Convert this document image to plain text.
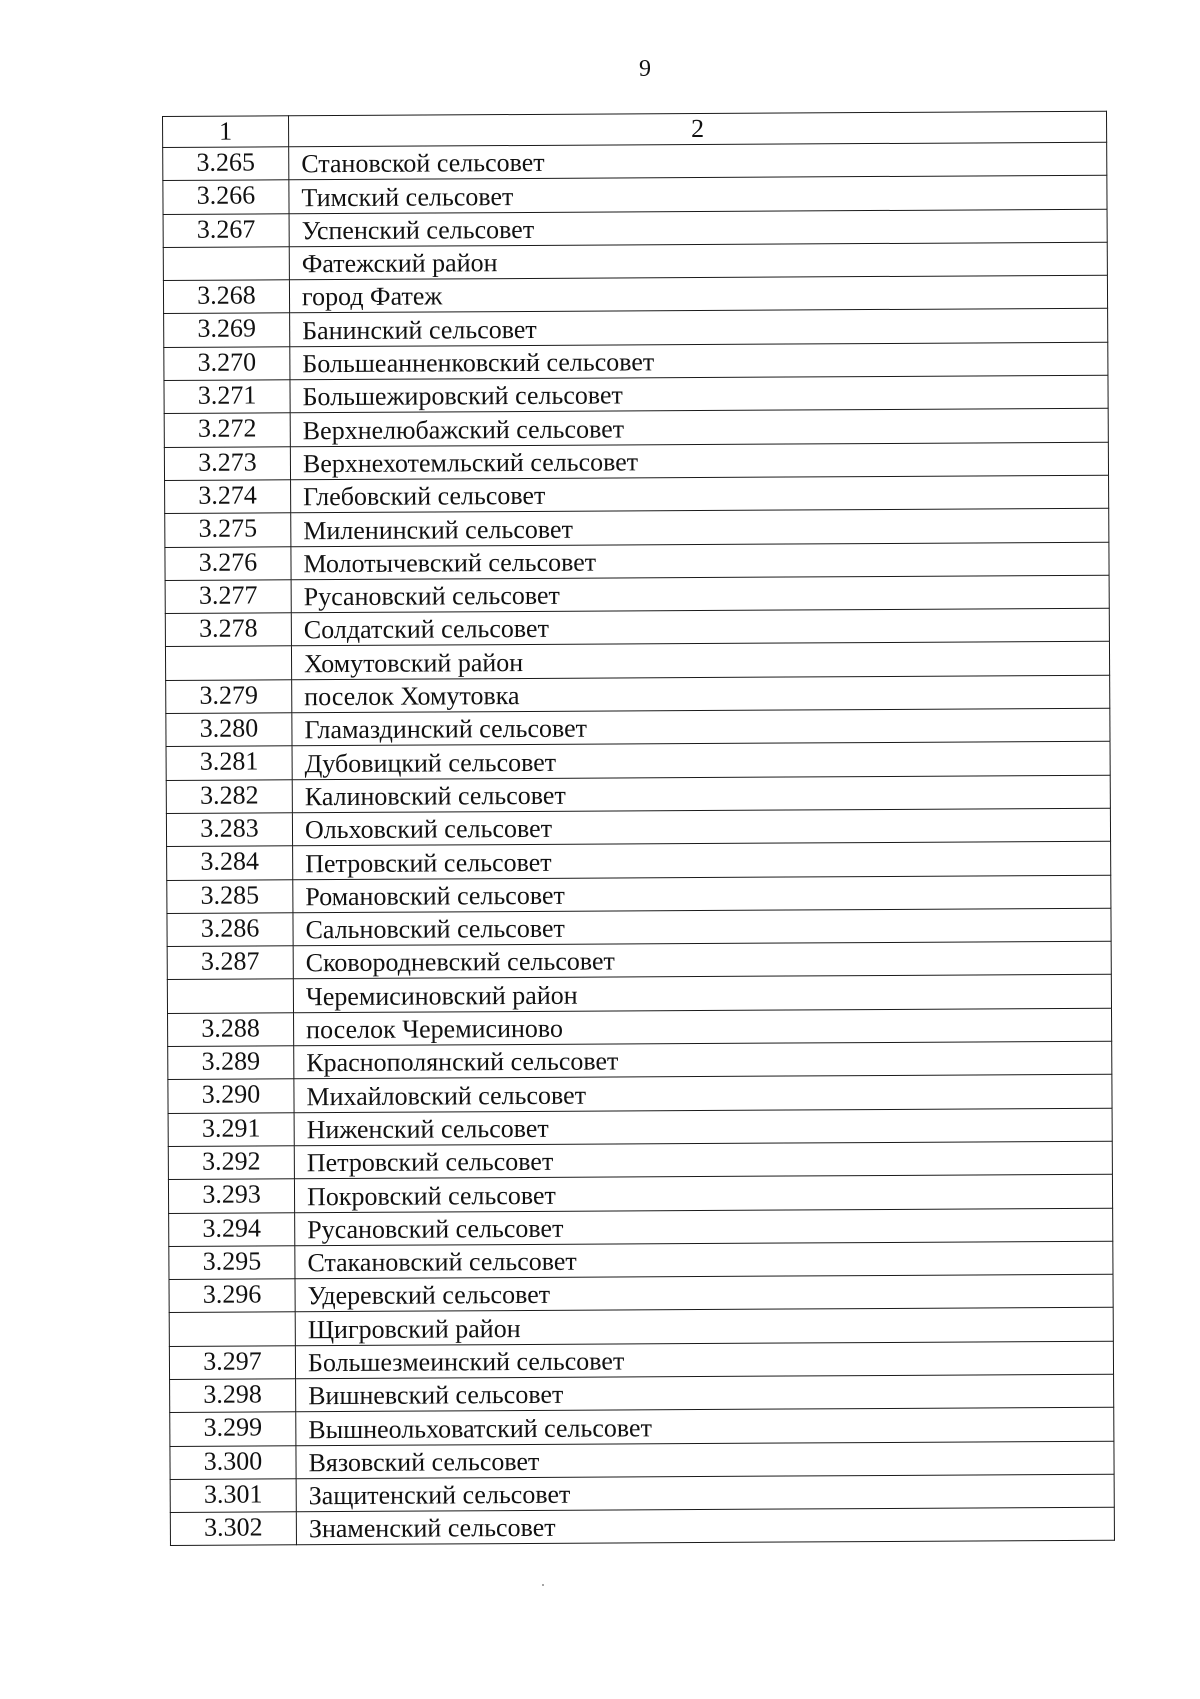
9
1	2
3.265	Становской сельсовет
3.266	Тимский сельсовет
3.267	Успенский сельсовет
	Фатежский район
3.268	город Фатеж
3.269	Банинский сельсовет
3.270	Большеанненковский сельсовет
3.271	Большежировский сельсовет
3.272	Верхнелюбажский сельсовет
3.273	Верхнехотемльский сельсовет
3.274	Глебовский сельсовет
3.275	Миленинский сельсовет
3.276	Молотычевский сельсовет
3.277	Русановский сельсовет
3.278	Солдатский сельсовет
	Хомутовский район
3.279	поселок Хомутовка
3.280	Гламаздинский сельсовет
3.281	Дубовицкий сельсовет
3.282	Калиновский сельсовет
3.283	Ольховский сельсовет
3.284	Петровский сельсовет
3.285	Романовский сельсовет
3.286	Сальновский сельсовет
3.287	Сковородневский сельсовет
	Черемисиновский район
3.288	поселок Черемисиново
3.289	Краснополянский сельсовет
3.290	Михайловский сельсовет
3.291	Ниженский сельсовет
3.292	Петровский сельсовет
3.293	Покровский сельсовет
3.294	Русановский сельсовет
3.295	Стакановский сельсовет
3.296	Удеревский сельсовет
	Щигровский район
3.297	Большезмеинский сельсовет
3.298	Вишневский сельсовет
3.299	Вышнеольховатский сельсовет
3.300	Вязовский сельсовет
3.301	Защитенский сельсовет
3.302	Знаменский сельсовет
